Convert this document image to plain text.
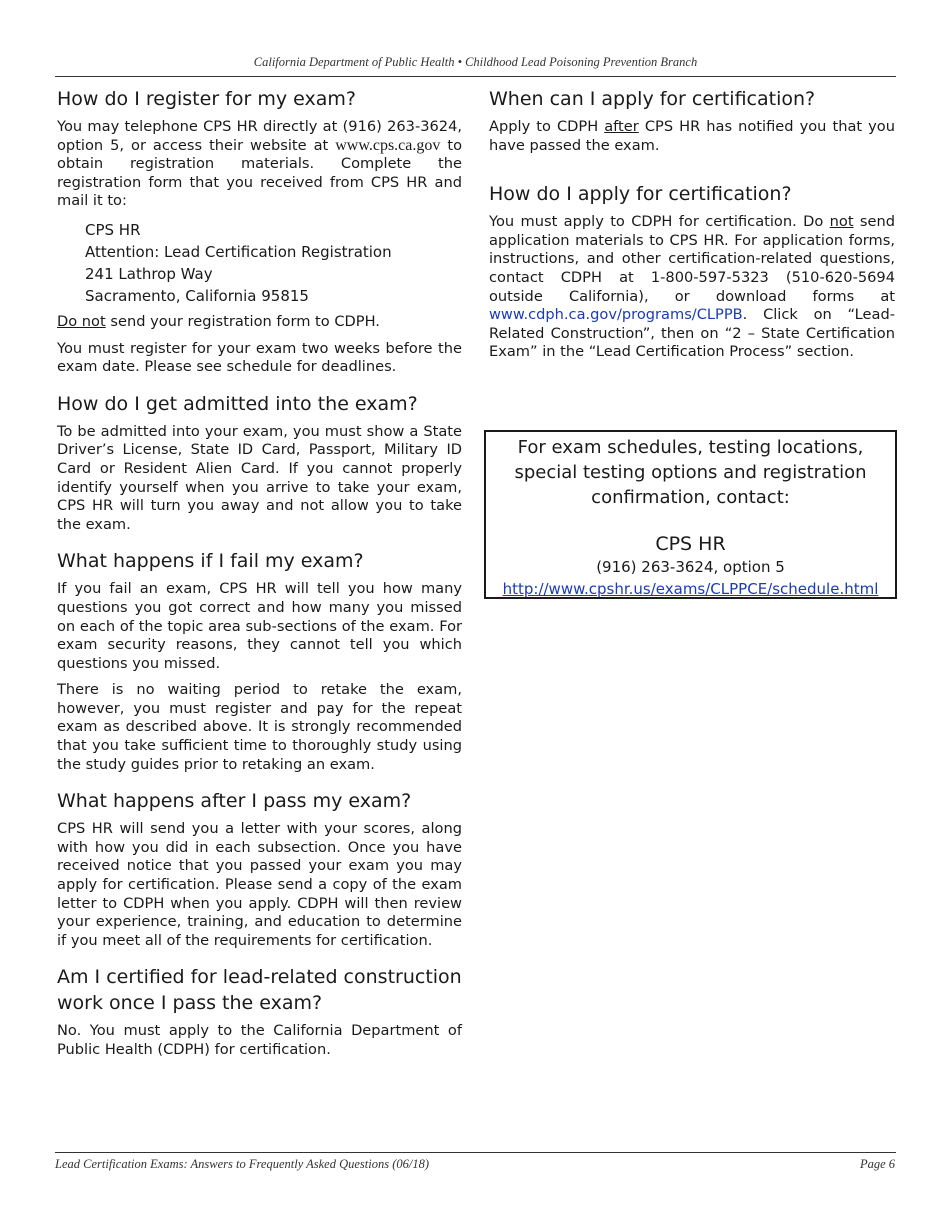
California Department of Public Health • Childhood Lead Poisoning Prevention Branch
How do I register for my exam?

You may telephone CPS HR directly at (916) 263-3624, option 5, or access their website at www.cps.ca.gov to obtain registration materials. Complete the registration form that you received from CPS HR and mail it to:

CPS HR
Attention: Lead Certification Registration
241 Lathrop Way
Sacramento, California 95815

Do not send your registration form to CDPH.

You must register for your exam two weeks before the exam date. Please see schedule for deadlines.

How do I get admitted into the exam?

To be admitted into your exam, you must show a State Driver’s License, State ID Card, Passport, Military ID Card or Resident Alien Card. If you cannot properly identify yourself when you arrive to take your exam, CPS HR will turn you away and not allow you to take the exam.

What happens if I fail my exam?

If you fail an exam, CPS HR will tell you how many questions you got correct and how many you missed on each of the topic area sub-sections of the exam. For exam security reasons, they cannot tell you which questions you missed.

There is no waiting period to retake the exam, however, you must register and pay for the repeat exam as described above. It is strongly recommended that you take sufficient time to thoroughly study using the study guides prior to retaking an exam.

What happens after I pass my exam?

CPS HR will send you a letter with your scores, along with how you did in each subsection. Once you have received notice that you passed your exam you may apply for certification. Please send a copy of the exam letter to CDPH when you apply. CDPH will then review your experience, training, and education to determine if you meet all of the requirements for certification.

Am I certified for lead-related construction work once I pass the exam?

No. You must apply to the California Department of Public Health (CDPH) for certification.

When can I apply for certification?

Apply to CDPH after CPS HR has notified you that you have passed the exam.

How do I apply for certification?

You must apply to CDPH for certification. Do not send application materials to CPS HR. For application forms, instructions, and other certification-related questions, contact CDPH at 1-800-597-5323 (510-620-5694 outside California), or download forms at www.cdph.ca.gov/programs/CLPPB. Click on “Lead-Related Construction”, then on “2 – State Certification Exam” in the “Lead Certification Process” section.

For exam schedules, testing locations, special testing options and registration confirmation, contact:
CPS HR
(916) 263-3624, option 5
http://www.cpshr.us/exams/CLPPCE/schedule.html
Lead Certification Exams: Answers to Frequently Asked Questions (06/18)	Page 6
